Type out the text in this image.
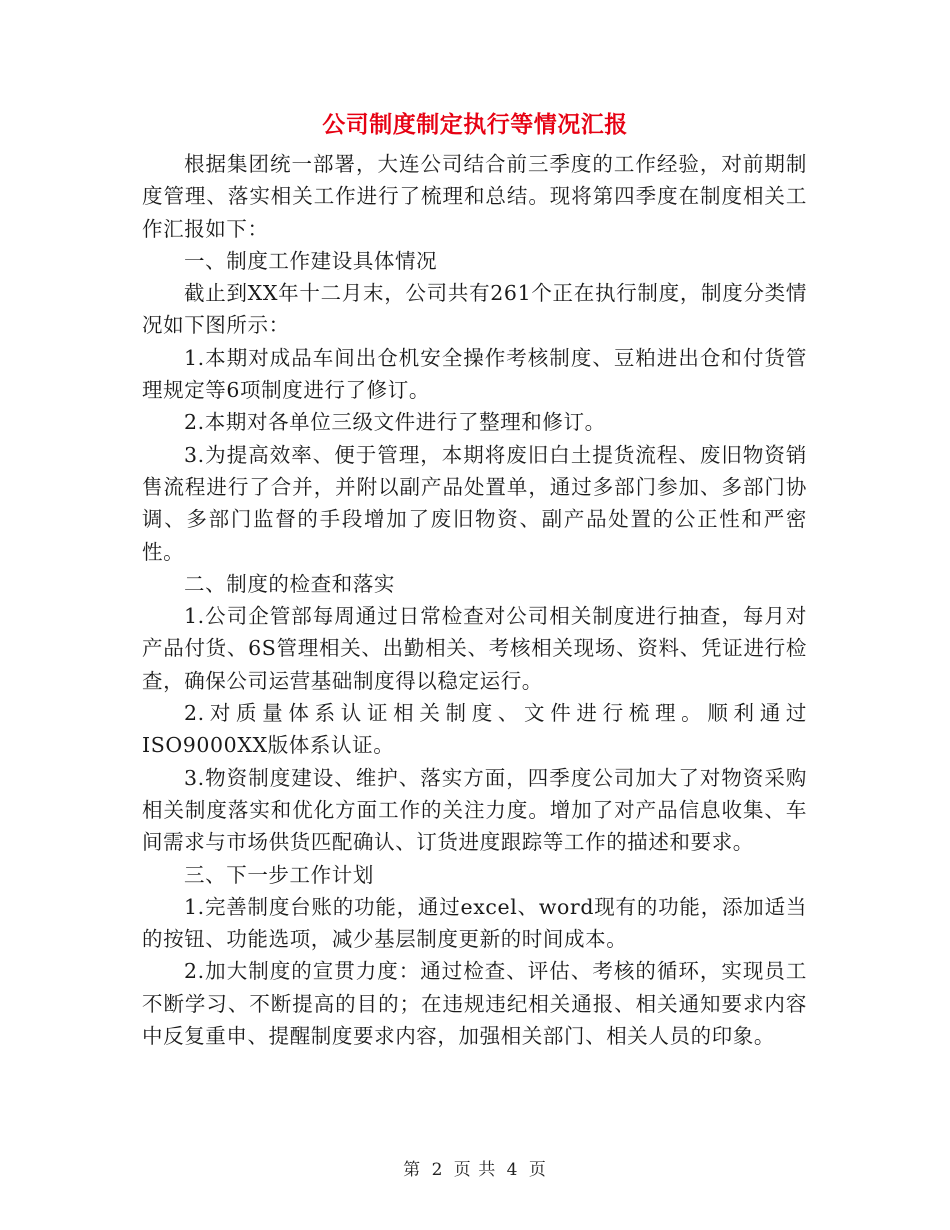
公司制度制定执行等情况汇报

根据集团统一部署，大连公司结合前三季度的工作经验，对前期制度管理、落实相关工作进行了梳理和总结。现将第四季度在制度相关工作汇报如下：

一、制度工作建设具体情况

截止到XX年十二月末，公司共有261个正在执行制度，制度分类情况如下图所示：

1.本期对成品车间出仓机安全操作考核制度、豆粕进出仓和付货管理规定等6项制度进行了修订。

2.本期对各单位三级文件进行了整理和修订。

3.为提高效率、便于管理，本期将废旧白土提货流程、废旧物资销售流程进行了合并，并附以副产品处置单，通过多部门参加、多部门协调、多部门监督的手段增加了废旧物资、副产品处置的公正性和严密性。

二、制度的检查和落实

1.公司企管部每周通过日常检查对公司相关制度进行抽查，每月对产品付货、6S管理相关、出勤相关、考核相关现场、资料、凭证进行检查，确保公司运营基础制度得以稳定运行。

2.对质量体系认证相关制度、文件进行梳理。顺利通过ISO9000XX版体系认证。

3.物资制度建设、维护、落实方面，四季度公司加大了对物资采购相关制度落实和优化方面工作的关注力度。增加了对产品信息收集、车间需求与市场供货匹配确认、订货进度跟踪等工作的描述和要求。

三、下一步工作计划

1.完善制度台账的功能，通过excel、word现有的功能，添加适当的按钮、功能选项，减少基层制度更新的时间成本。

2.加大制度的宣贯力度：通过检查、评估、考核的循环，实现员工不断学习、不断提高的目的；在违规违纪相关通报、相关通知要求内容中反复重申、提醒制度要求内容，加强相关部门、相关人员的印象。

第 2 页 共 4 页
